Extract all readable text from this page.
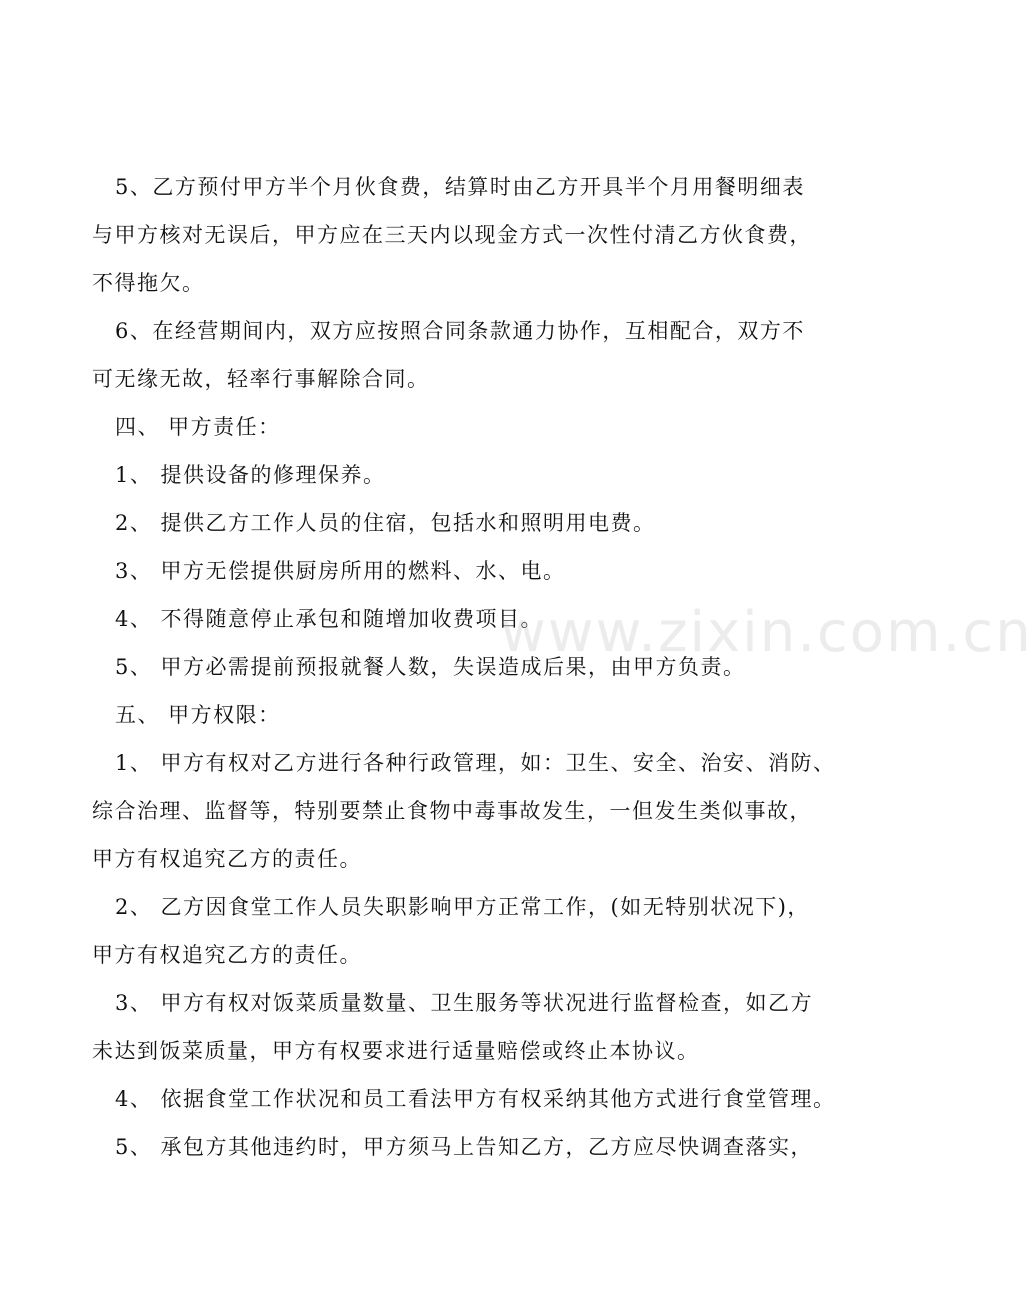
5、乙方预付甲方半个月伙食费，结算时由乙方开具半个月用餐明细表
与甲方核对无误后，甲方应在三天内以现金方式一次性付清乙方伙食费，
不得拖欠。
6、在经营期间内，双方应按照合同条款通力协作，互相配合，双方不
可无缘无故，轻率行事解除合同。
四、 甲方责任：
1、 提供设备的修理保养。
2、 提供乙方工作人员的住宿，包括水和照明用电费。
3、 甲方无偿提供厨房所用的燃料、水、电。
4、 不得随意停止承包和随增加收费项目。
5、 甲方必需提前预报就餐人数，失误造成后果，由甲方负责。
五、 甲方权限：
1、 甲方有权对乙方进行各种行政管理，如：卫生、安全、治安、消防、
综合治理、监督等，特别要禁止食物中毒事故发生，一但发生类似事故，
甲方有权追究乙方的责任。
2、 乙方因食堂工作人员失职影响甲方正常工作，(如无特别状况下)，
甲方有权追究乙方的责任。
3、 甲方有权对饭菜质量数量、卫生服务等状况进行监督检查，如乙方
未达到饭菜质量，甲方有权要求进行适量赔偿或终止本协议。
4、 依据食堂工作状况和员工看法甲方有权采纳其他方式进行食堂管理。
5、 承包方其他违约时，甲方须马上告知乙方，乙方应尽快调查落实，
www.zixin.com.cn
